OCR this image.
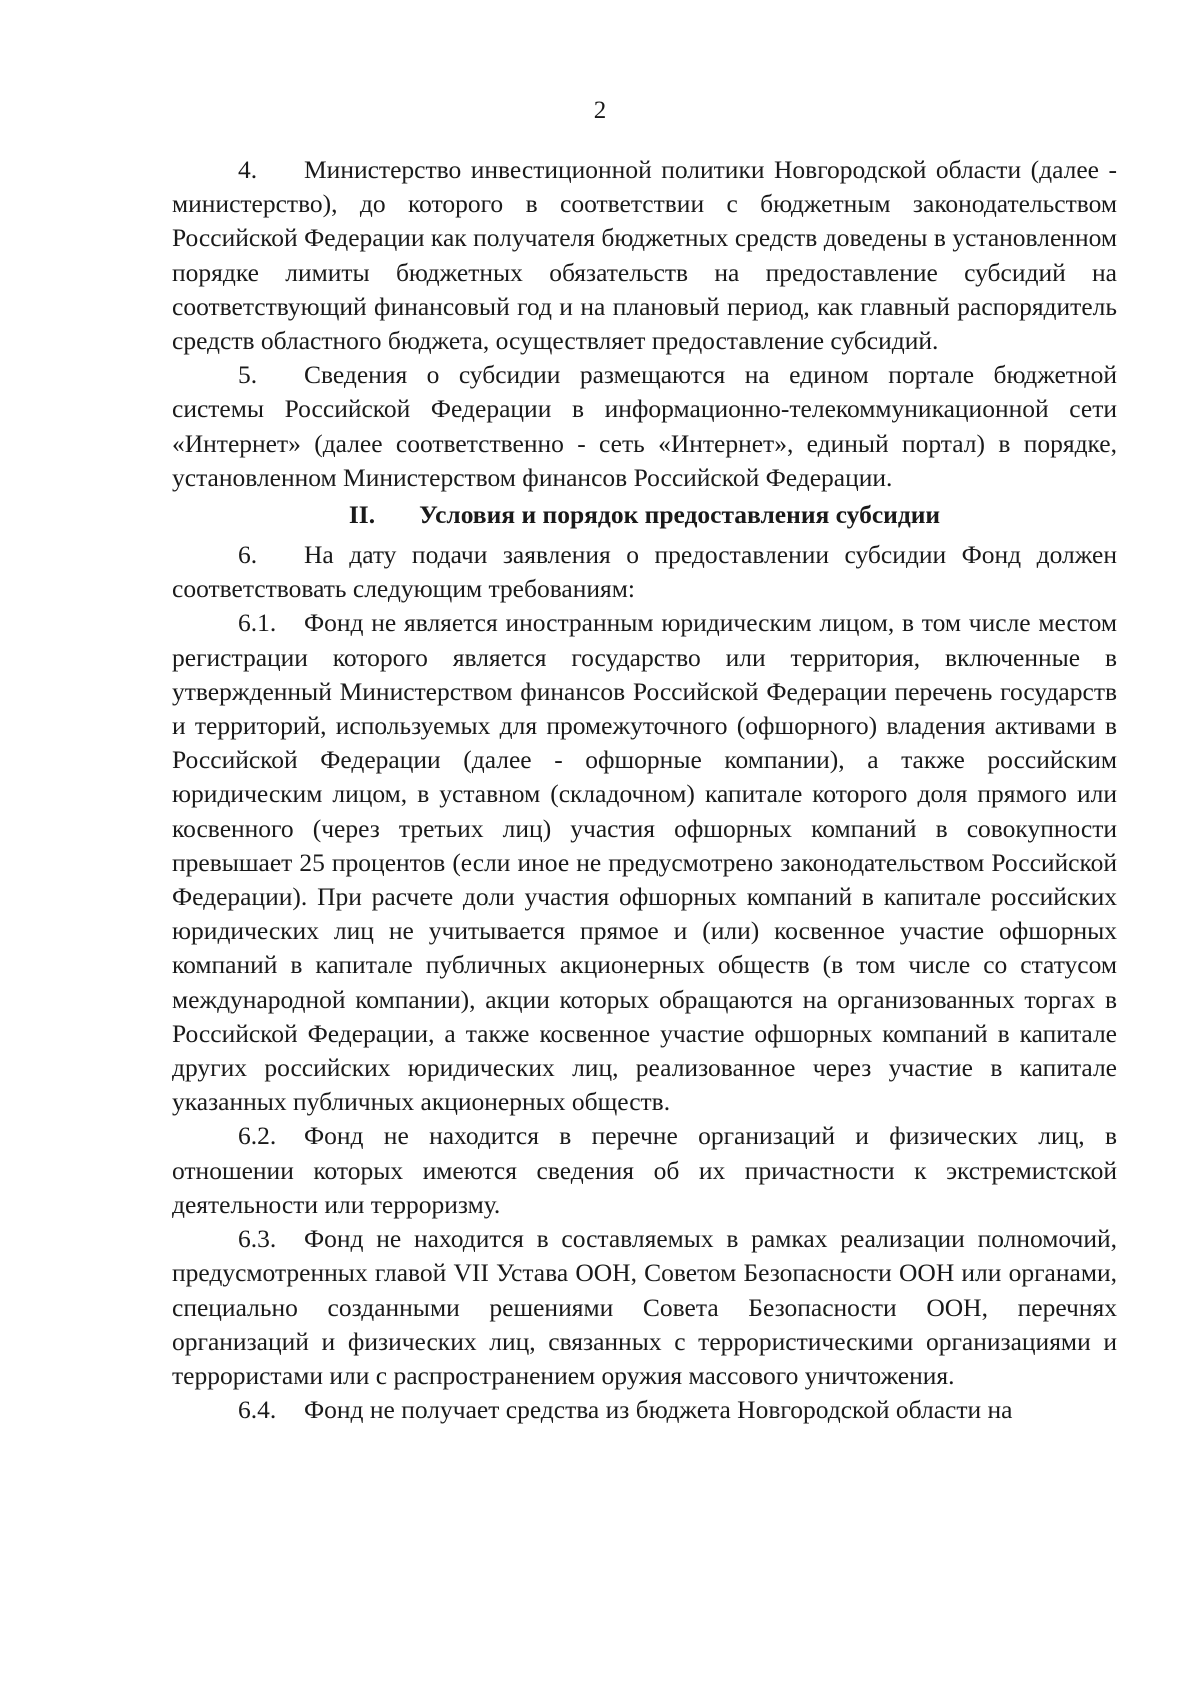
2

4. Министерство инвестиционной политики Новгородской области (далее - министерство), до которого в соответствии с бюджетным законодательством Российской Федерации как получателя бюджетных средств доведены в установленном порядке лимиты бюджетных обязательств на предоставление субсидий на соответствующий финансовый год и на плановый период, как главный распорядитель средств областного бюджета, осуществляет предоставление субсидий.

5. Сведения о субсидии размещаются на едином портале бюджетной системы Российской Федерации в информационно-телекоммуникационной сети «Интернет» (далее соответственно - сеть «Интернет», единый портал) в порядке, установленном Министерством финансов Российской Федерации.

II. Условия и порядок предоставления субсидии

6. На дату подачи заявления о предоставлении субсидии Фонд должен соответствовать следующим требованиям:

6.1. Фонд не является иностранным юридическим лицом, в том числе местом регистрации которого является государство или территория, включенные в утвержденный Министерством финансов Российской Федерации перечень государств и территорий, используемых для промежуточного (офшорного) владения активами в Российской Федерации (далее - офшорные компании), а также российским юридическим лицом, в уставном (складочном) капитале которого доля прямого или косвенного (через третьих лиц) участия офшорных компаний в совокупности превышает 25 процентов (если иное не предусмотрено законодательством Российской Федерации). При расчете доли участия офшорных компаний в капитале российских юридических лиц не учитывается прямое и (или) косвенное участие офшорных компаний в капитале публичных акционерных обществ (в том числе со статусом международной компании), акции которых обращаются на организованных торгах в Российской Федерации, а также косвенное участие офшорных компаний в капитале других российских юридических лиц, реализованное через участие в капитале указанных публичных акционерных обществ.

6.2. Фонд не находится в перечне организаций и физических лиц, в отношении которых имеются сведения об их причастности к экстремистской деятельности или терроризму.

6.3. Фонд не находится в составляемых в рамках реализации полномочий, предусмотренных главой VII Устава ООН, Советом Безопасности ООН или органами, специально созданными решениями Совета Безопасности ООН, перечнях организаций и физических лиц, связанных с террористическими организациями и террористами или с распространением оружия массового уничтожения.

6.4. Фонд не получает средства из бюджета Новгородской области на
